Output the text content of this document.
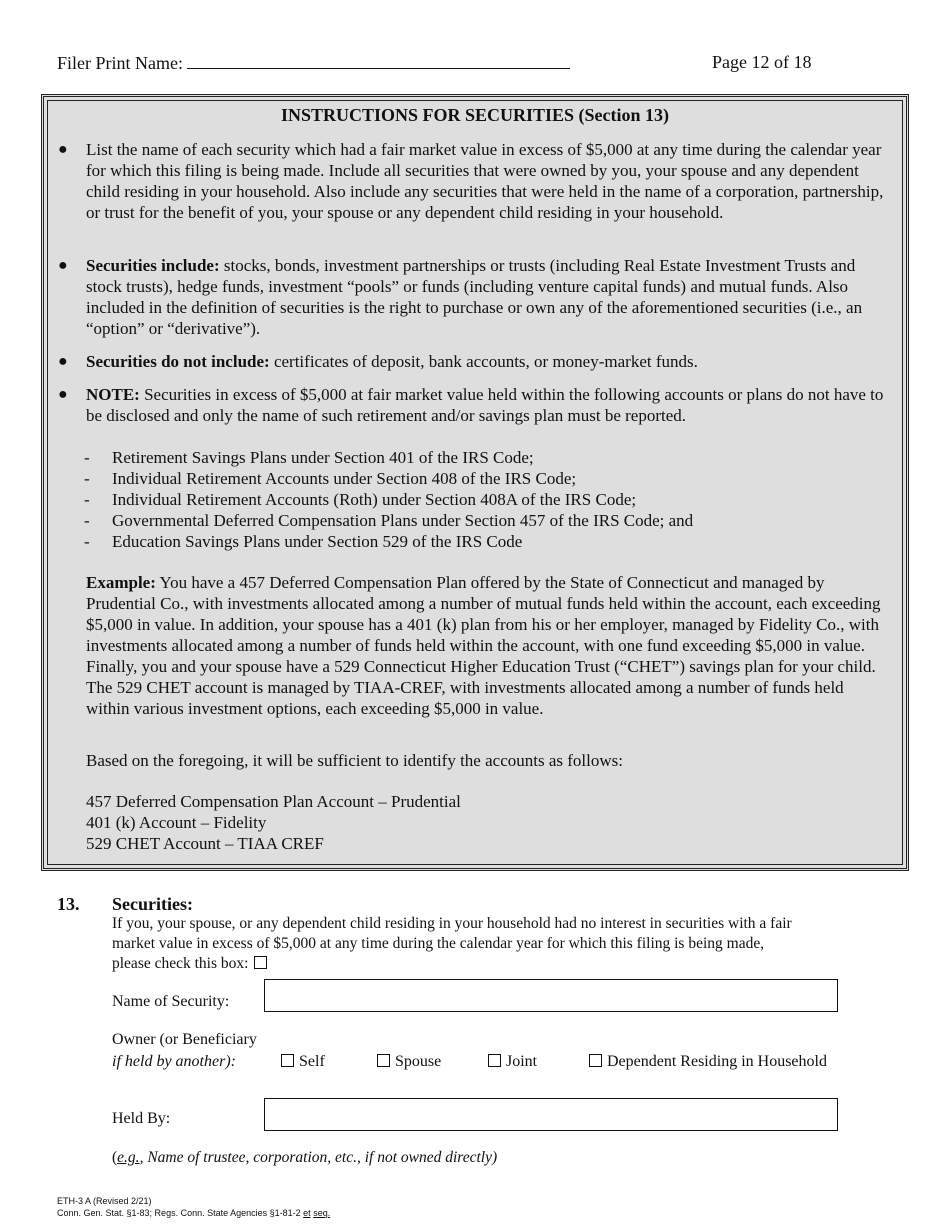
Filer Print Name:	Page 12 of 18
INSTRUCTIONS FOR SECURITIES (Section 13)
● List the name of each security which had a fair market value in excess of $5,000 at any time during the calendar year for which this filing is being made. Include all securities that were owned by you, your spouse and any dependent child residing in your household. Also include any securities that were held in the name of a corporation, partnership, or trust for the benefit of you, your spouse or any dependent child residing in your household.
● Securities include: stocks, bonds, investment partnerships or trusts (including Real Estate Investment Trusts and stock trusts), hedge funds, investment “pools” or funds (including venture capital funds) and mutual funds. Also included in the definition of securities is the right to purchase or own any of the aforementioned securities (i.e., an “option” or “derivative”).
● Securities do not include: certificates of deposit, bank accounts, or money-market funds.
● NOTE: Securities in excess of $5,000 at fair market value held within the following accounts or plans do not have to be disclosed and only the name of such retirement and/or savings plan must be reported.
- Retirement Savings Plans under Section 401 of the IRS Code;
- Individual Retirement Accounts under Section 408 of the IRS Code;
- Individual Retirement Accounts (Roth) under Section 408A of the IRS Code;
- Governmental Deferred Compensation Plans under Section 457 of the IRS Code; and
- Education Savings Plans under Section 529 of the IRS Code
Example: You have a 457 Deferred Compensation Plan offered by the State of Connecticut and managed by Prudential Co., with investments allocated among a number of mutual funds held within the account, each exceeding $5,000 in value. In addition, your spouse has a 401 (k) plan from his or her employer, managed by Fidelity Co., with investments allocated among a number of funds held within the account, with one fund exceeding $5,000 in value. Finally, you and your spouse have a 529 Connecticut Higher Education Trust (“CHET”) savings plan for your child. The 529 CHET account is managed by TIAA-CREF, with investments allocated among a number of funds held within various investment options, each exceeding $5,000 in value.
Based on the foregoing, it will be sufficient to identify the accounts as follows:
457 Deferred Compensation Plan Account – Prudential
401 (k) Account – Fidelity
529 CHET Account – TIAA CREF
13. Securities:
If you, your spouse, or any dependent child residing in your household had no interest in securities with a fair market value in excess of $5,000 at any time during the calendar year for which this filing is being made, please check this box:
Name of Security:
Owner (or Beneficiary
if held by another):	Self	Spouse	Joint	Dependent Residing in Household
Held By:
(e.g., Name of trustee, corporation, etc., if not owned directly)
ETH-3 A (Revised 2/21)
Conn. Gen. Stat. §1-83; Regs. Conn. State Agencies §1-81-2 et seq.
